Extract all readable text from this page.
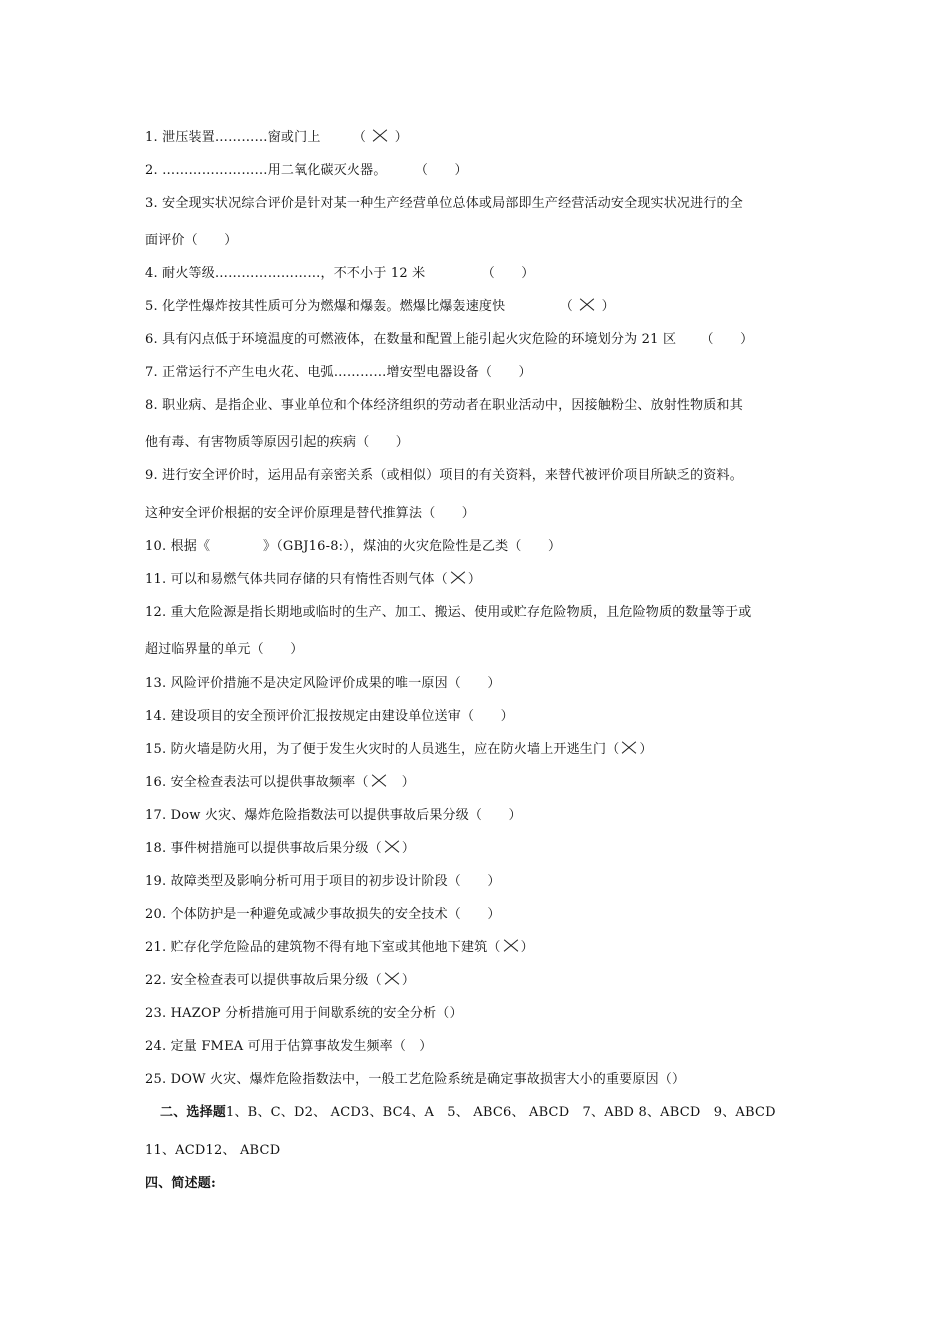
1. 泄压装置…………窗或门上 （  ）
2. ……………………用二氧化碳灭火器。 （　　）
3. 安全现实状况综合评价是针对某一种生产经营单位总体或局部即生产经营活动安全现实状况进行的全
面评价（　　）
4. 耐火等级……………………，不不小于 12 米	（　　）
5. 化学性爆炸按其性质可分为燃爆和爆轰。燃爆比爆轰速度快	（  ）
6. 具有闪点低于环境温度的可燃液体，在数量和配置上能引起火灾危险的环境划分为 21 区 （　　）
7. 正常运行不产生电火花、电弧…………增安型电器设备（　　）
8. 职业病、是指企业、事业单位和个体经济组织的劳动者在职业活动中，因接触粉尘、放射性物质和其
他有毒、有害物质等原因引起的疾病（　　）
9. 进行安全评价时，运用品有亲密关系（或相似）项目的有关资料，来替代被评价项目所缺乏的资料。
这种安全评价根据的安全评价原理是替代推算法（　　）
10. 根据《　　　　》（GBJ16-8:），煤油的火灾危险性是乙类（　　）
11. 可以和易燃气体共同存储的只有惰性否则气体（ ）
12. 重大危险源是指长期地或临时的生产、加工、搬运、使用或贮存危险物质，且危险物质的数量等于或
超过临界量的单元（　　）
13. 风险评价措施不是决定风险评价成果的唯一原因（　　）
14. 建设项目的安全预评价汇报按规定由建设单位送审（　　）
15. 防火墙是防火用，为了便于发生火灾时的人员逃生，应在防火墙上开逃生门（ ）
16. 安全检查表法可以提供事故频率（　）
17. Dow 火灾、爆炸危险指数法可以提供事故后果分级（　　）
18. 事件树措施可以提供事故后果分级（ ）
19. 故障类型及影响分析可用于项目的初步设计阶段（　　）
20. 个体防护是一种避免或减少事故损失的安全技术（　　）
21. 贮存化学危险品的建筑物不得有地下室或其他地下建筑（ ）
22. 安全检查表可以提供事故后果分级（ ）
23. HAZOP 分析措施可用于间歇系统的安全分析（）
24. 定量 FMEA 可用于估算事故发生频率（　）
25. DOW 火灾、爆炸危险指数法中，一般工艺危险系统是确定事故损害大小的重要原因（）
二、选择题1、B、C、D2、 ACD3、BC4、A　5、 ABC6、 ABCD　7、ABD 8、ABCD　9、ABCD
11、ACD12、 ABCD
四、简述题:
